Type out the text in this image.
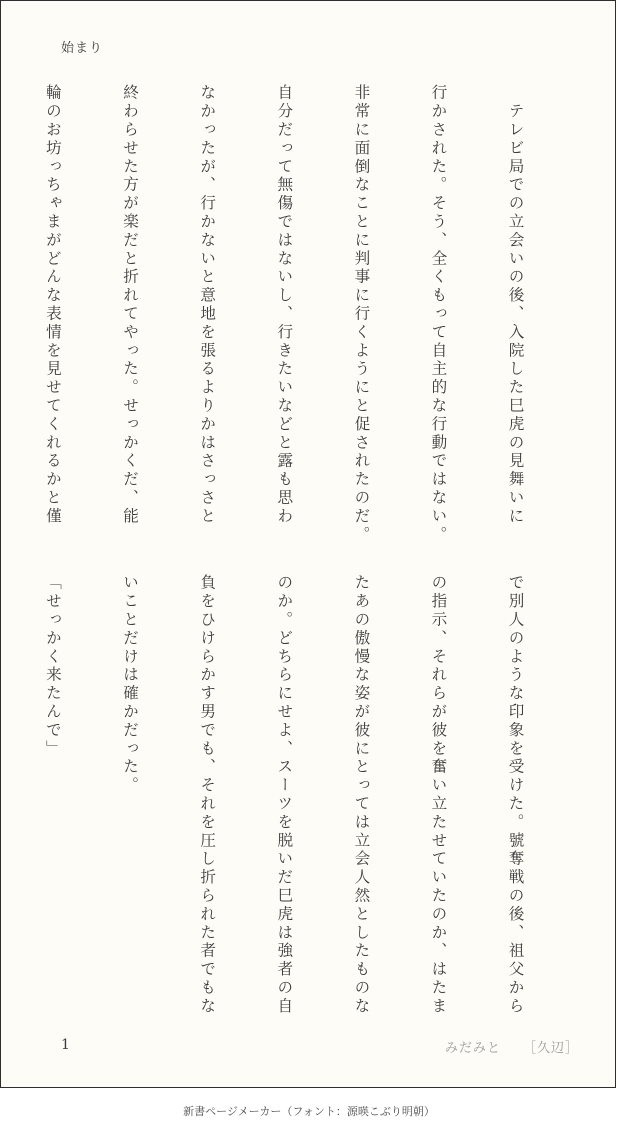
始まり

　テレビ局での立会いの後、入院した巳虎の見舞いに

行かされた。そう、全くもって自主的な行動ではない。

非常に面倒なことに判事に行くようにと促されたのだ。

自分だって無傷ではないし、行きたいなどと露も思わ

なかったが、行かないと意地を張るよりかはさっさと

終わらせた方が楽だと折れてやった。せっかくだ、能

輪のお坊っちゃまがどんな表情を見せてくれるかと僅

で別人のような印象を受けた。號奪戦の後、祖父から

の指示、それらが彼を奮い立たせていたのか、はたま

たあの傲慢な姿が彼にとっては立会人然としたものな

のか。どちらにせよ、スーツを脱いだ巳虎は強者の自

負をひけらかす男でも、それを圧し折られた者でもな

いことだけは確かだった。

「せっかく来たんで」

1	みだみと ［久辺］
新書ページメーカー（フォント：源暎こぶり明朝）
